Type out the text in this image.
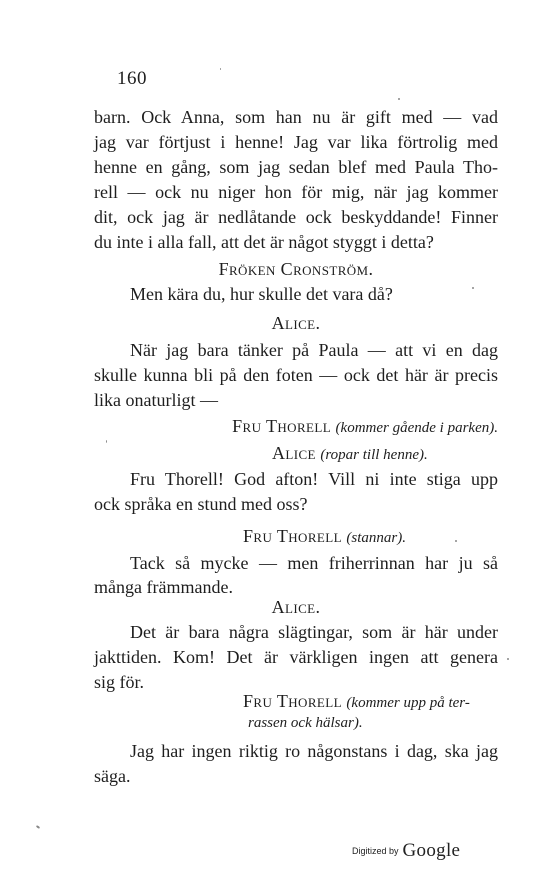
160
barn. Ock Anna, som han nu är gift med — vad
jag var förtjust i henne! Jag var lika förtrolig med
henne en gång, som jag sedan blef med Paula Tho-
rell — ock nu niger hon för mig, när jag kommer
dit, ock jag är nedlåtande ock beskyddande! Finner
du inte i alla fall, att det är något styggt i detta?
Fröken Cronström.
Men kära du, hur skulle det vara då?
Alice.
När jag bara tänker på Paula — att vi en dag
skulle kunna bli på den foten — ock det här är precis
lika onaturligt —
Fru Thorell (kommer gående i parken).
Alice (ropar till henne).
Fru Thorell! God afton! Vill ni inte stiga upp
ock språka en stund med oss?
Fru Thorell (stannar).
Tack så mycke — men friherrinnan har ju så
många främmande.
Alice.
Det är bara några slägtingar, som är här under
jakttiden. Kom! Det är värkligen ingen att genera
sig för.
Fru Thorell (kommer upp på ter-
rassen ock hälsar).
Jag har ingen riktig ro någonstans i dag, ska jag
säga.
Digitized by Google
